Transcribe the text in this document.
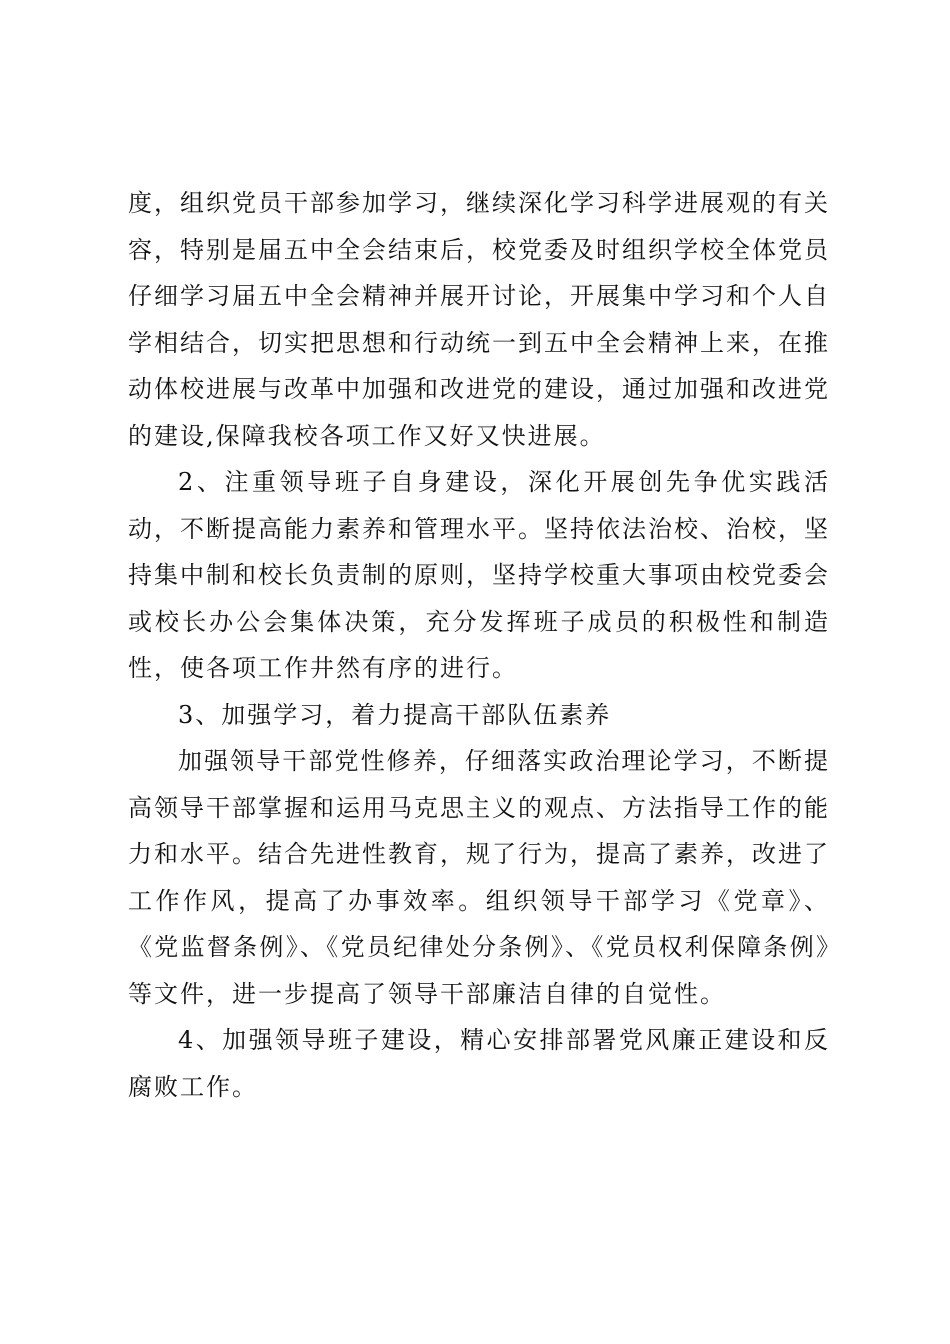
度，组织党员干部参加学习，继续深化学习科学进展观的有关容，特别是届五中全会结束后，校党委及时组织学校全体党员仔细学习届五中全会精神并展开讨论，开展集中学习和个人自学相结合，切实把思想和行动统一到五中全会精神上来，在推动体校进展与改革中加强和改进党的建设，通过加强和改进党的建设,保障我校各项工作又好又快进展。

2、注重领导班子自身建设，深化开展创先争优实践活动，不断提高能力素养和管理水平。坚持依法治校、治校，坚持集中制和校长负责制的原则，坚持学校重大事项由校党委会或校长办公会集体决策，充分发挥班子成员的积极性和制造性，使各项工作井然有序的进行。

3、加强学习，着力提高干部队伍素养

加强领导干部党性修养，仔细落实政治理论学习，不断提高领导干部掌握和运用马克思主义的观点、方法指导工作的能力和水平。结合先进性教育，规了行为，提高了素养，改进了工作作风，提高了办事效率。组织领导干部学习《党章》、《党监督条例》、《党员纪律处分条例》、《党员权利保障条例》等文件，进一步提高了领导干部廉洁自律的自觉性。

4、加强领导班子建设，精心安排部署党风廉正建设和反腐败工作。
